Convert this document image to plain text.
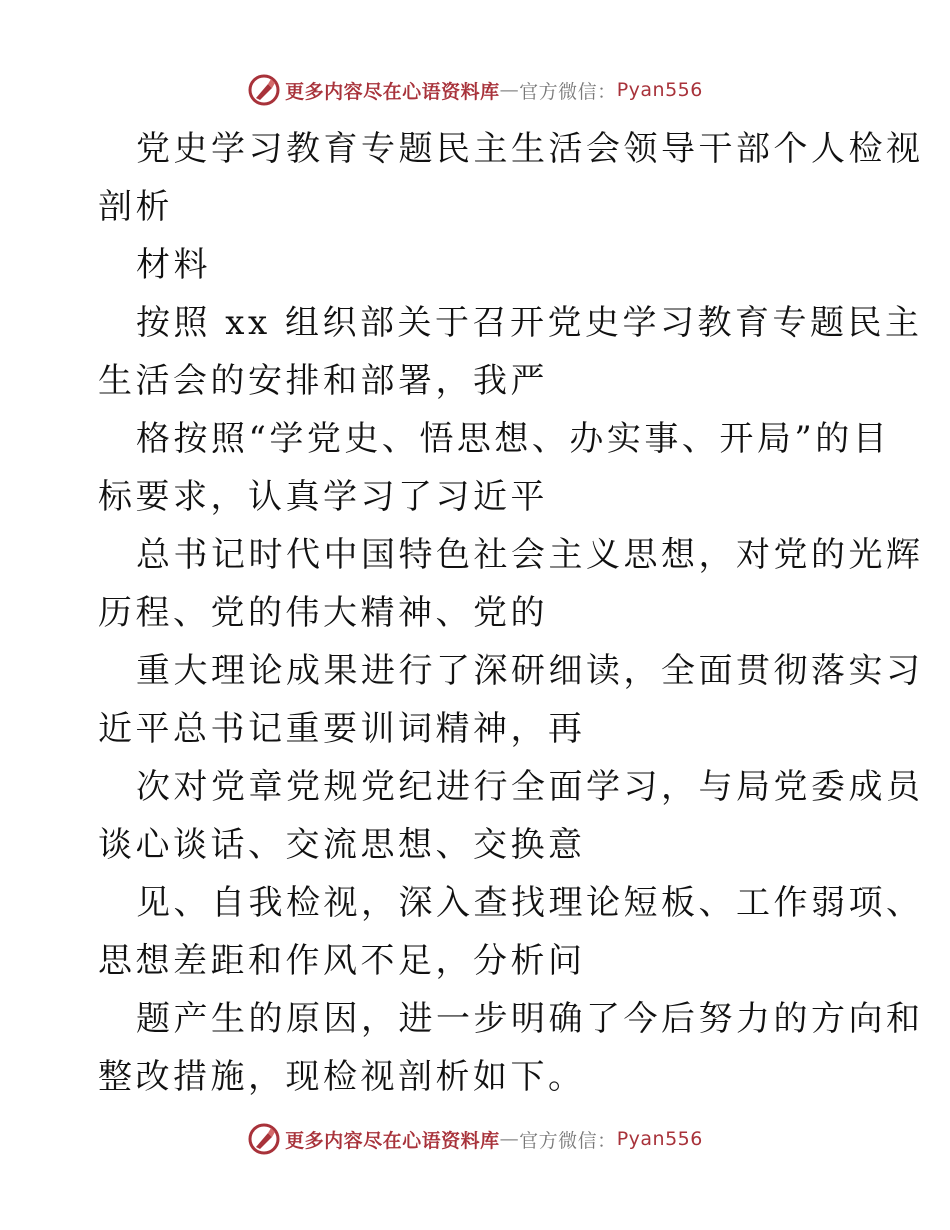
更多内容尽在心语资料库 — 官方微信： Pyan556
党史学习教育专题民主生活会领导干部个人检视
剖析
材料
按照 xx 组织部关于召开党史学习教育专题民主
生活会的安排和部署，我严
格按照“学党史、悟思想、办实事、开局”的目
标要求，认真学习了习近平
总书记时代中国特色社会主义思想，对党的光辉
历程、党的伟大精神、党的
重大理论成果进行了深研细读，全面贯彻落实习
近平总书记重要训词精神，再
次对党章党规党纪进行全面学习，与局党委成员
谈心谈话、交流思想、交换意
见、自我检视，深入查找理论短板、工作弱项、
思想差距和作风不足，分析问
题产生的原因，进一步明确了今后努力的方向和
整改措施，现检视剖析如下。
更多内容尽在心语资料库 — 官方微信： Pyan556
